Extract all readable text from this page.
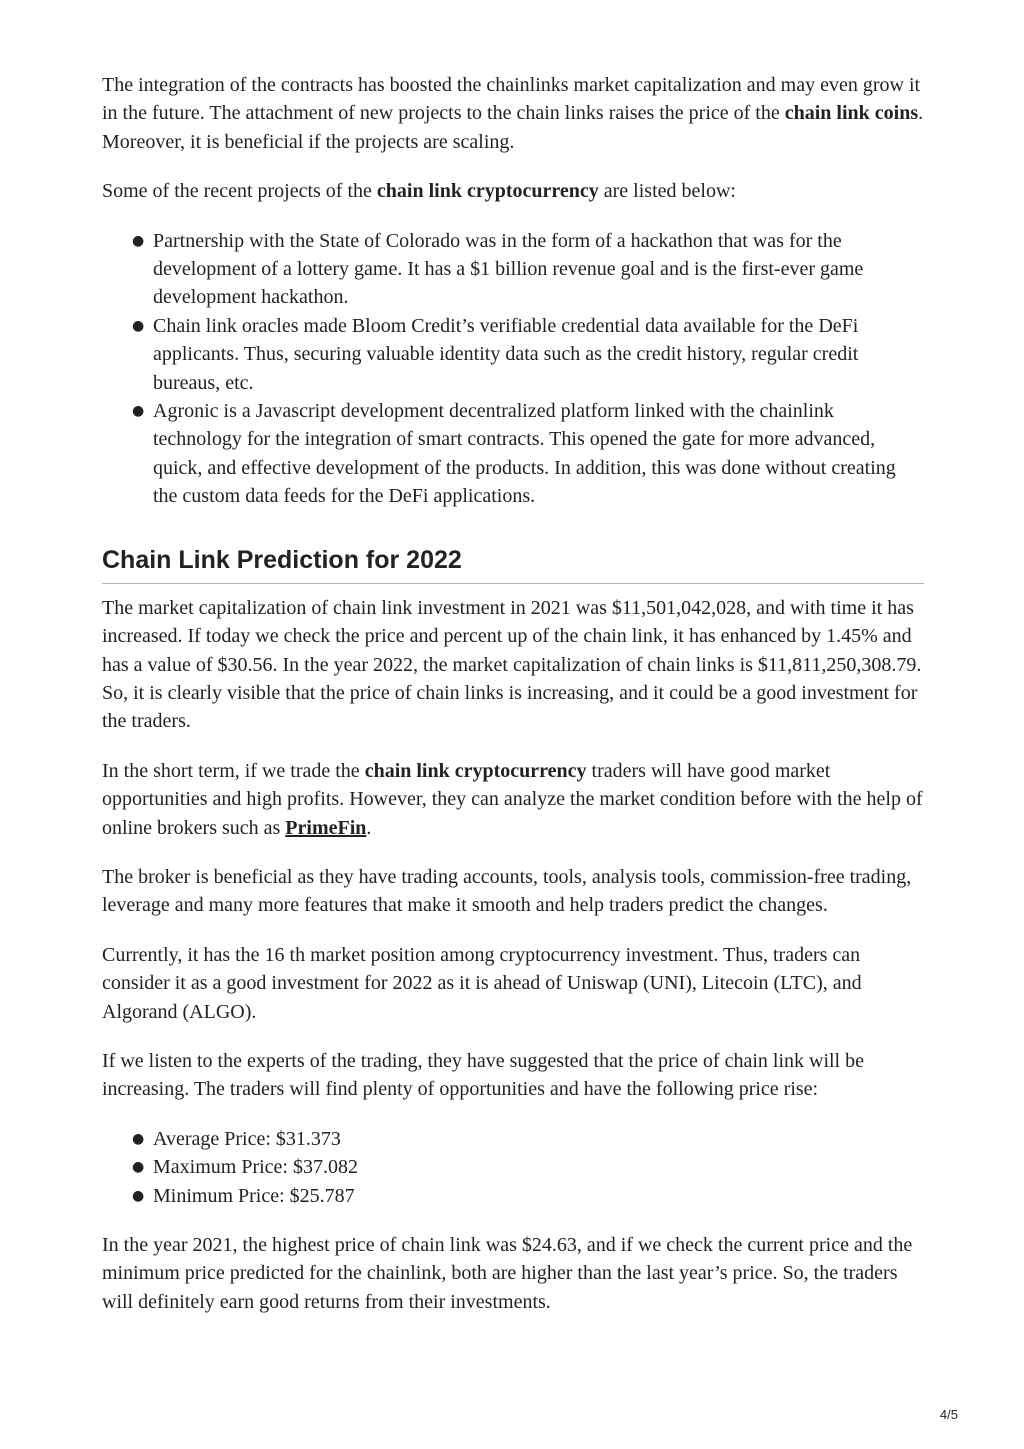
The integration of the contracts has boosted the chainlinks market capitalization and may even grow it in the future. The attachment of new projects to the chain links raises the price of the chain link coins. Moreover, it is beneficial if the projects are scaling.

Some of the recent projects of the chain link cryptocurrency are listed below:

● Partnership with the State of Colorado was in the form of a hackathon that was for the development of a lottery game. It has a $1 billion revenue goal and is the first-ever game development hackathon.
● Chain link oracles made Bloom Credit’s verifiable credential data available for the DeFi applicants. Thus, securing valuable identity data such as the credit history, regular credit bureaus, etc.
● Agronic is a Javascript development decentralized platform linked with the chainlink technology for the integration of smart contracts. This opened the gate for more advanced, quick, and effective development of the products. In addition, this was done without creating the custom data feeds for the DeFi applications.
Chain Link Prediction for 2022

The market capitalization of chain link investment in 2021 was $11,501,042,028, and with time it has increased. If today we check the price and percent up of the chain link, it has enhanced by 1.45% and has a value of $30.56. In the year 2022, the market capitalization of chain links is $11,811,250,308.79. So, it is clearly visible that the price of chain links is increasing, and it could be a good investment for the traders.

In the short term, if we trade the chain link cryptocurrency traders will have good market opportunities and high profits. However, they can analyze the market condition before with the help of online brokers such as PrimeFin.

The broker is beneficial as they have trading accounts, tools, analysis tools, commission-free trading, leverage and many more features that make it smooth and help traders predict the changes.

Currently, it has the 16 th market position among cryptocurrency investment. Thus, traders can consider it as a good investment for 2022 as it is ahead of Uniswap (UNI), Litecoin (LTC), and Algorand (ALGO).

If we listen to the experts of the trading, they have suggested that the price of chain link will be increasing. The traders will find plenty of opportunities and have the following price rise:

● Average Price: $31.373
● Maximum Price: $37.082
● Minimum Price: $25.787

In the year 2021, the highest price of chain link was $24.63, and if we check the current price and the minimum price predicted for the chainlink, both are higher than the last year’s price. So, the traders will definitely earn good returns from their investments.

4/5
